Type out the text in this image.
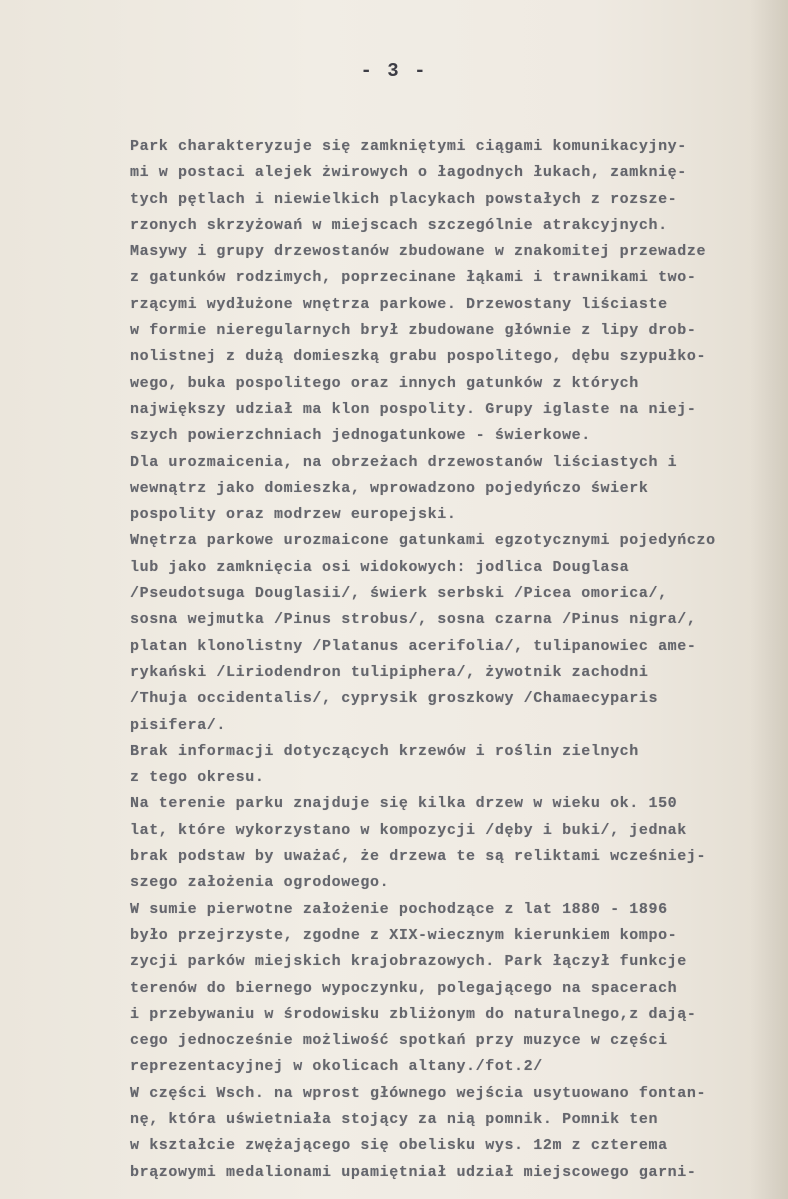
- 3 -
Park charakteryzuje się zamkniętymi ciągami komunikacyjny-
mi w postaci alejek żwirowych o łagodnych łukach, zamknię-
tych pętlach i niewielkich placykach powstałych z rozsze-
rzonych skrzyżowań w miejscach szczególnie atrakcyjnych.
Masywy i grupy drzewostanów zbudowane w znakomitej przewadze
z gatunków rodzimych, poprzecinane łąkami i trawnikami two-
rzącymi wydłużone wnętrza parkowe. Drzewostany liściaste
w formie nieregularnych brył zbudowane głównie z lipy drob-
nolistnej z dużą domieszką grabu pospolitego, dębu szypułko-
wego, buka pospolitego oraz innych gatunków z których
największy udział ma klon pospolity. Grupy iglaste na niej-
szych powierzchniach jednogatunkowe - świerkowe.
Dla urozmaicenia, na obrzeżach drzewostanów liściastych i
wewnątrz jako domieszka, wprowadzono pojedyńczo świerk
pospolity oraz modrzew europejski.
Wnętrza parkowe urozmaicone gatunkami egzotycznymi pojedyńczo
lub jako zamknięcia osi widokowych: jodlica Douglasa
/Pseudotsuga Douglasii/, świerk serbski /Picea omorica/,
sosna wejmutka /Pinus strobus/, sosna czarna /Pinus nigra/,
platan klonolistny /Platanus acerifolia/, tulipanowiec ame-
rykański /Liriodendron tulipiphera/, żywotnik zachodni
/Thuja occidentalis/, cyprysik groszkowy /Chamaecyparis
pisifera/.
Brak informacji dotyczących krzewów i roślin zielnych
z tego okresu.
Na terenie parku znajduje się kilka drzew w wieku ok. 150
lat, które wykorzystano w kompozycji /dęby i buki/, jednak
brak podstaw by uważać, że drzewa te są reliktami wcześniej-
szego założenia ogrodowego.
W sumie pierwotne założenie pochodzące z lat 1880 - 1896
było przejrzyste, zgodne z XIX-wiecznym kierunkiem kompo-
zycji parków miejskich krajobrazowych. Park łączył funkcje
terenów do biernego wypoczynku, polegającego na spacerach
i przebywaniu w środowisku zbliżonym do naturalnego,z dają-
cego jednocześnie możliwość spotkań przy muzyce w części
reprezentacyjnej w okolicach altany./fot.2/
W części Wsch. na wprost głównego wejścia usytuowano fontan-
nę, która uświetniała stojący za nią pomnik. Pomnik ten
w kształcie zwężającego się obelisku wys. 12m z czterema
brązowymi medalionami upamiętniał udział miejscowego garni-
